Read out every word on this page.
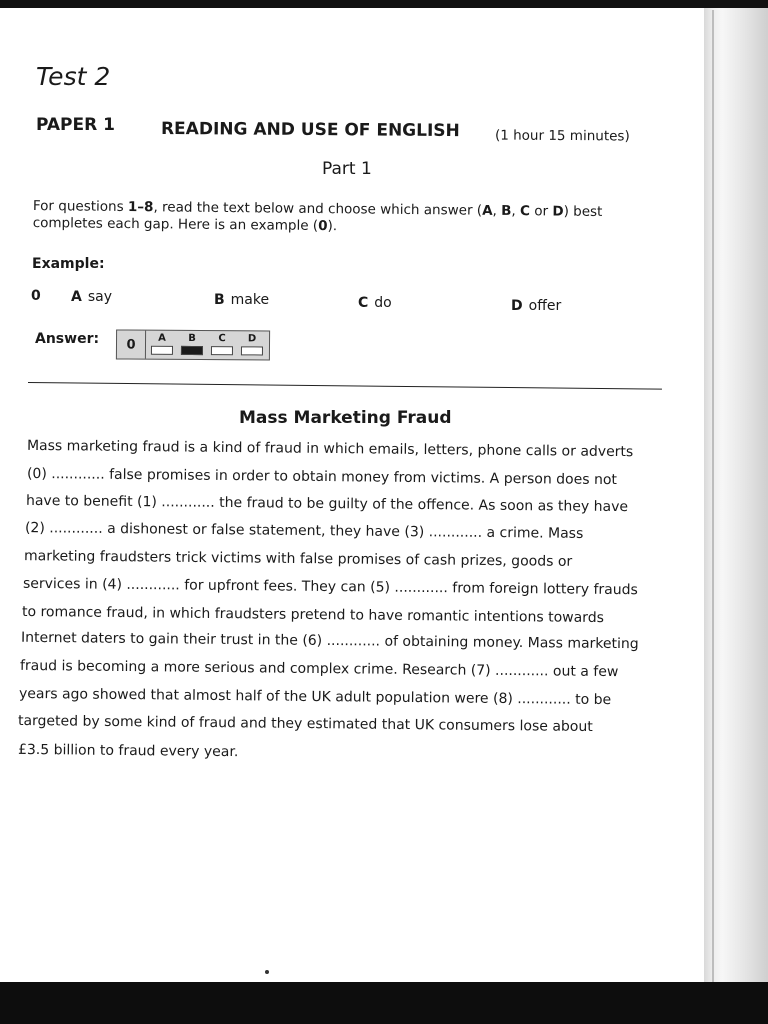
Test 2
PAPER 1	READING AND USE OF ENGLISH	(1 hour 15 minutes)
Part 1
For questions 1–8, read the text below and choose which answer (A, B, C or D) best completes each gap. Here is an example (0).
Example:
0 A say	B make	C do	D offer
Answer:	0	A	B	C	D
Mass Marketing Fraud
Mass marketing fraud is a kind of fraud in which emails, letters, phone calls or adverts
(0) ............ false promises in order to obtain money from victims. A person does not
have to benefit (1) ............ the fraud to be guilty of the offence. As soon as they have
(2) ............ a dishonest or false statement, they have (3) ............ a crime. Mass
marketing fraudsters trick victims with false promises of cash prizes, goods or
services in (4) ............ for upfront fees. They can (5) ............ from foreign lottery frauds
to romance fraud, in which fraudsters pretend to have romantic intentions towards
Internet daters to gain their trust in the (6) ............ of obtaining money. Mass marketing
fraud is becoming a more serious and complex crime. Research (7) ............ out a few
years ago showed that almost half of the UK adult population were (8) ............ to be
targeted by some kind of fraud and they estimated that UK consumers lose about
£3.5 billion to fraud every year.
